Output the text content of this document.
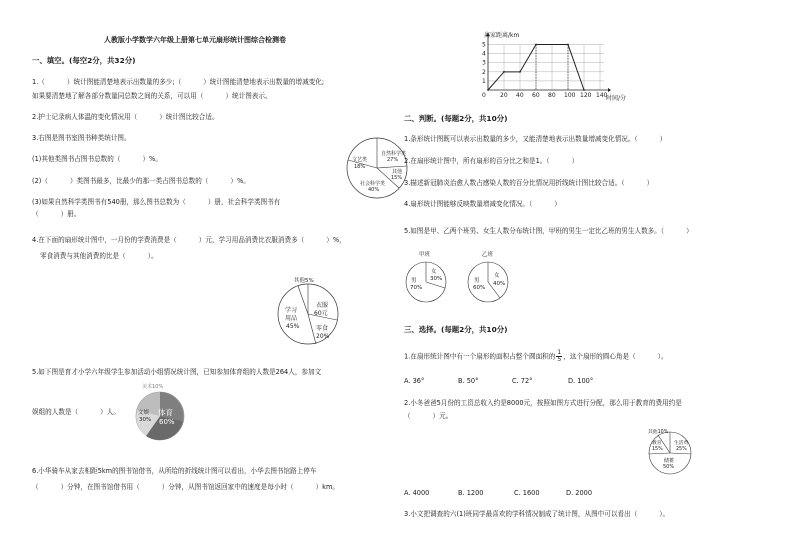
人教版小学数学六年级上册第七单元扇形统计图综合检测卷
一、填空。(每空2分，共32分)
1.（	）统计图能清楚地表示出数量的多少;（	）统计图能清楚地表示出数量的增减变化;
如果要清楚地了解各部分数量同总数之间的关系，可以用（	）统计图表示。
2.护士记录病人体温的变化情况用（	）统计图比较合适。
3.右图是图书室图书种类统计图。
(1)其他类图书占图书总数的（	）%。
(2)（	）类图书最多，比最少的那一类占图书总数的（	）%。
(3)如果自然科学类图书有540册，那么图书总数为（	）册，社会科学类图书有
（	）册。
文艺类
18%
自然科学类
27%
其他
15%
社会科学类
40%
4.在下面的扇形统计图中，一月份的学费消费是（	）元，学习用品消费比衣服消费多（	）%，
零食消费与其他消费的比是（	）。
衣服
60元
学习
用品
45%	零食
20%
其他5%
5.如下图是育才小学六年级学生参加活动小组情况统计图，已知参加体育组的人数是264人，参加文
娱组的人数是（	）人。	文娱
30%
体育
60%
美术10%
6.小华骑车从家去相距5km的图书馆借书，从所给的折线统计图可以看出，小华去图书馆路上停车
（	）分钟，在图书馆借书用（	）分钟，从图书馆返回家中的速度是每小时（	）km。
0 20 40 60 80 100 120 140
1
2
3
4
5
离家距离/km
时间/分
二、判断。(每题2分，共10分)
1.条形统计图既可以表示出数量的多少，又能清楚地表示出数量增减变化情况。（	）
2.在扇形统计图中，所有扇形的百分比之和是1。（	）
3.描述新冠肺炎治愈人数占感染人数的百分比情况用折线统计图比较合适。（	）
4.扇形统计图能够反映数量增减变化情况。（	）
5.如图是甲、乙两个班男、女生人数分布统计图，甲班的男生一定比乙班的男生人数多。（	）
甲班
男
70%
女
30%
乙班
男
60%
女
40%
三、选择。(每题2分，共10分)
1.在扇形统计图中有一个扇形的面积占整个圆面积的 $\frac{1}{5}$ ，这个扇形的圆心角是（	）。
A. 36°	B. 50°	C. 72°	D. 100°
2.小冬爸爸5月份的工资总收入约是8000元，按照如图方式进行分配，那么用于教育的费用约是
（	）元。
生活费
25%
教育
15%
储蓄
50%
其他10%
A. 4000	B. 1200	C. 1600	D. 2000
3.小文把调查的六(1)班同学最喜欢的学科情况制成了统计图，从图中可以看出（	）。
